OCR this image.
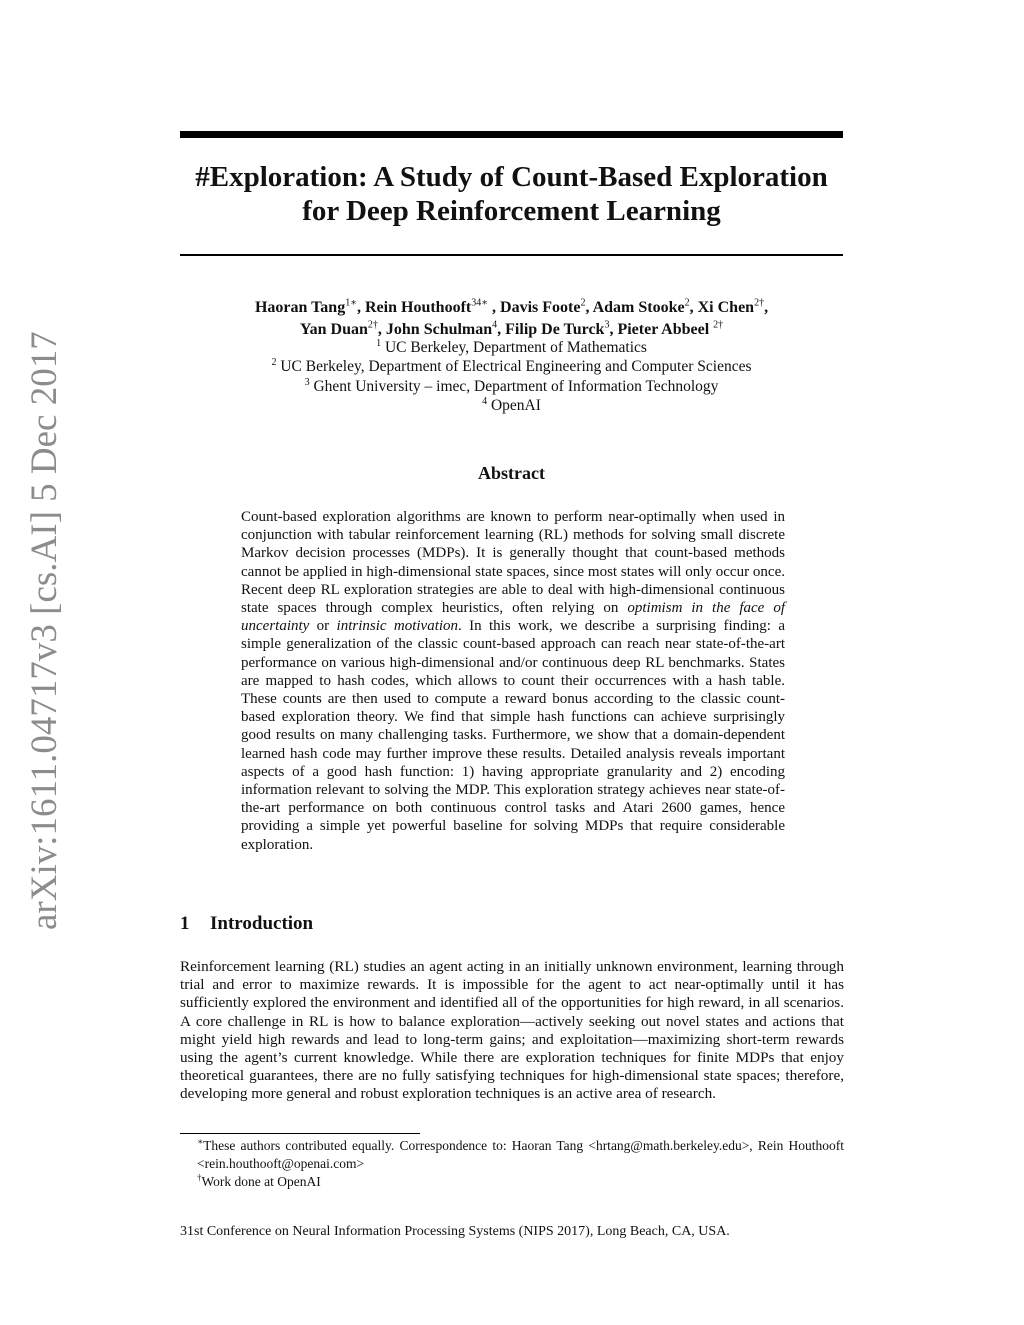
arXiv:1611.04717v3 [cs.AI] 5 Dec 2017
#Exploration: A Study of Count-Based Exploration
for Deep Reinforcement Learning
Haoran Tang$^{1∗}$, Rein Houthooft$^{34∗}$ , Davis Foote$^2$, Adam Stooke$^2$, Xi Chen$^{2\dagger}$,
Yan Duan$^{2\dagger}$, John Schulman$^4$, Filip De Turck$^3$, Pieter Abbeel $^{2\dagger}$
$^1$ UC Berkeley, Department of Mathematics
$^2$ UC Berkeley, Department of Electrical Engineering and Computer Sciences
$^3$ Ghent University – imec, Department of Information Technology
$^4$ OpenAI
Abstract

Count-based exploration algorithms are known to perform near-optimally when used in conjunction with tabular reinforcement learning (RL) methods for solving small discrete Markov decision processes (MDPs). It is generally thought that count-based methods cannot be applied in high-dimensional state spaces, since most states will only occur once. Recent deep RL exploration strategies are able to deal with high-dimensional continuous state spaces through complex heuristics, often relying on optimism in the face of uncertainty or intrinsic motivation. In this work, we describe a surprising finding: a simple generalization of the classic count-based approach can reach near state-of-the-art performance on various high-dimensional and/or continuous deep RL benchmarks. States are mapped to hash codes, which allows to count their occurrences with a hash table. These counts are then used to compute a reward bonus according to the classic count-based exploration theory. We find that simple hash functions can achieve surprisingly good results on many challenging tasks. Furthermore, we show that a domain-dependent learned hash code may further improve these results. Detailed analysis reveals important aspects of a good hash function: 1) having appropriate granularity and 2) encoding information relevant to solving the MDP. This exploration strategy achieves near state-of-the-art performance on both continuous control tasks and Atari 2600 games, hence providing a simple yet powerful baseline for solving MDPs that require considerable exploration.

1 Introduction

Reinforcement learning (RL) studies an agent acting in an initially unknown environment, learning through trial and error to maximize rewards. It is impossible for the agent to act near-optimally until it has sufficiently explored the environment and identified all of the opportunities for high reward, in all scenarios. A core challenge in RL is how to balance exploration—actively seeking out novel states and actions that might yield high rewards and lead to long-term gains; and exploitation—maximizing short-term rewards using the agent’s current knowledge. While there are exploration techniques for finite MDPs that enjoy theoretical guarantees, there are no fully satisfying techniques for high-dimensional state spaces; therefore, developing more general and robust exploration techniques is an active area of research.

∗These authors contributed equally. Correspondence to: Haoran Tang <hrtang@math.berkeley.edu>, Rein Houthooft <rein.houthooft@openai.com>

†Work done at OpenAI

31st Conference on Neural Information Processing Systems (NIPS 2017), Long Beach, CA, USA.
